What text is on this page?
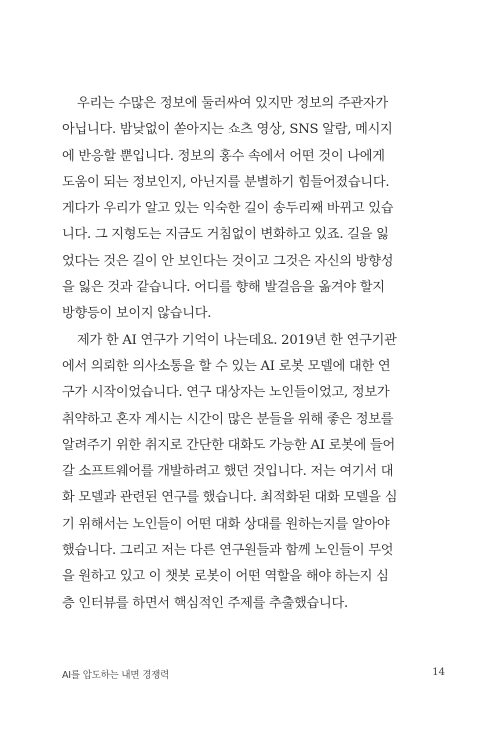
우리는 수많은 정보에 둘러싸여 있지만 정보의 주관자가
아닙니다. 밤낮없이 쏟아지는 쇼츠 영상, SNS 알람, 메시지
에 반응할 뿐입니다. 정보의 홍수 속에서 어떤 것이 나에게
도움이 되는 정보인지, 아닌지를 분별하기 힘들어졌습니다.
게다가 우리가 알고 있는 익숙한 길이 송두리째 바뀌고 있습
니다. 그 지형도는 지금도 거침없이 변화하고 있죠. 길을 잃
었다는 것은 길이 안 보인다는 것이고 그것은 자신의 방향성
을 잃은 것과 같습니다. 어디를 향해 발걸음을 옮겨야 할지
방향등이 보이지 않습니다.
제가 한 AI 연구가 기억이 나는데요. 2019년 한 연구기관
에서 의뢰한 의사소통을 할 수 있는 AI 로봇 모델에 대한 연
구가 시작이었습니다. 연구 대상자는 노인들이었고, 정보가
취약하고 혼자 계시는 시간이 많은 분들을 위해 좋은 정보를
알려주기 위한 취지로 간단한 대화도 가능한 AI 로봇에 들어
갈 소프트웨어를 개발하려고 했던 것입니다. 저는 여기서 대
화 모델과 관련된 연구를 했습니다. 최적화된 대화 모델을 심
기 위해서는 노인들이 어떤 대화 상대를 원하는지를 알아야
했습니다. 그리고 저는 다른 연구원들과 함께 노인들이 무엇
을 원하고 있고 이 챗봇 로봇이 어떤 역할을 해야 하는지 심
층 인터뷰를 하면서 핵심적인 주제를 추출했습니다.
AI를 압도하는 내면 경쟁력	14
